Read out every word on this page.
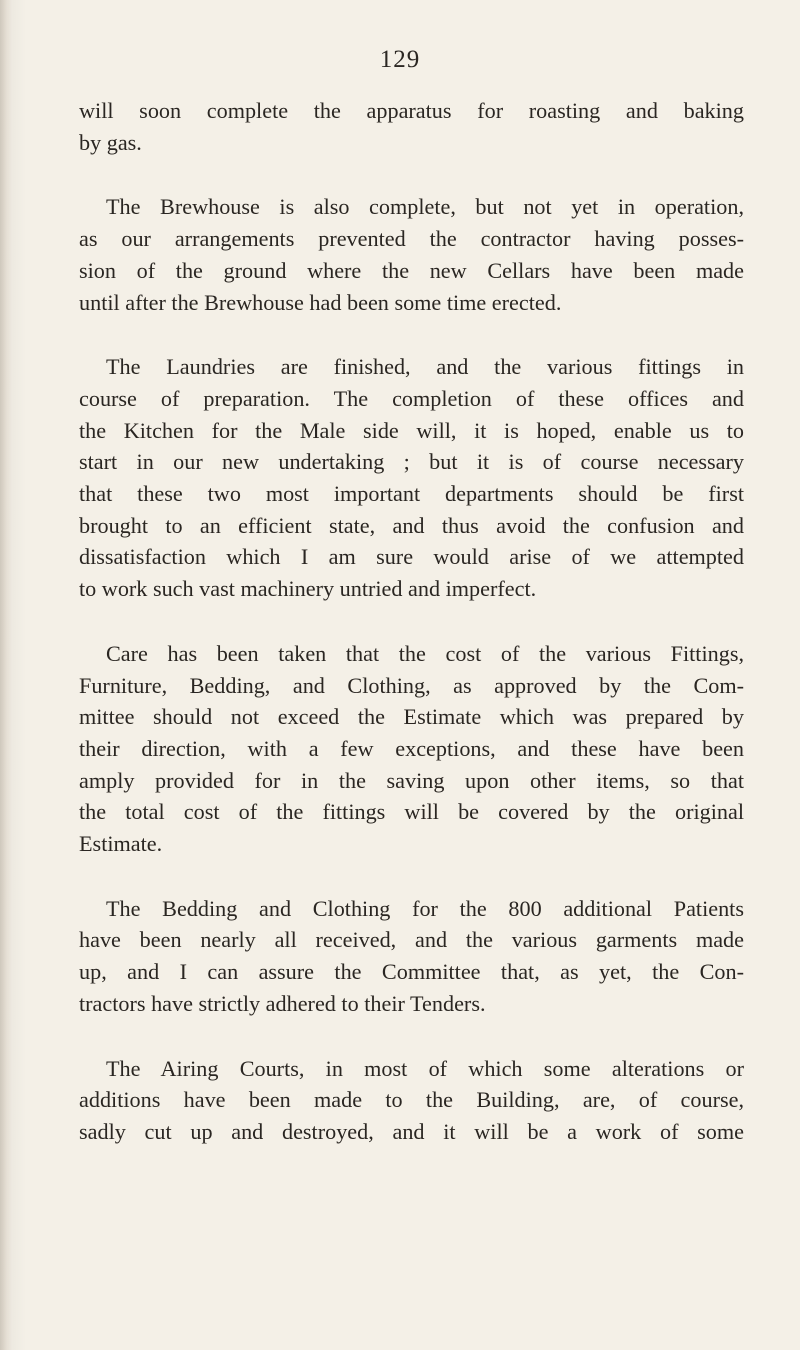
129

will soon complete the apparatus for roasting and baking
by gas.

The Brewhouse is also complete, but not yet in operation,
as our arrangements prevented the contractor having posses-
sion of the ground where the new Cellars have been made
until after the Brewhouse had been some time erected.

The Laundries are finished, and the various fittings in
course of preparation. The completion of these offices and
the Kitchen for the Male side will, it is hoped, enable us to
start in our new undertaking ; but it is of course necessary
that these two most important departments should be first
brought to an efficient state, and thus avoid the confusion and
dissatisfaction which I am sure would arise of we attempted
to work such vast machinery untried and imperfect.

Care has been taken that the cost of the various Fittings,
Furniture, Bedding, and Clothing, as approved by the Com-
mittee should not exceed the Estimate which was prepared by
their direction, with a few exceptions, and these have been
amply provided for in the saving upon other items, so that
the total cost of the fittings will be covered by the original
Estimate.

The Bedding and Clothing for the 800 additional Patients
have been nearly all received, and the various garments made
up, and I can assure the Committee that, as yet, the Con-
tractors have strictly adhered to their Tenders.

The Airing Courts, in most of which some alterations or
additions have been made to the Building, are, of course,
sadly cut up and destroyed, and it will be a work of some
